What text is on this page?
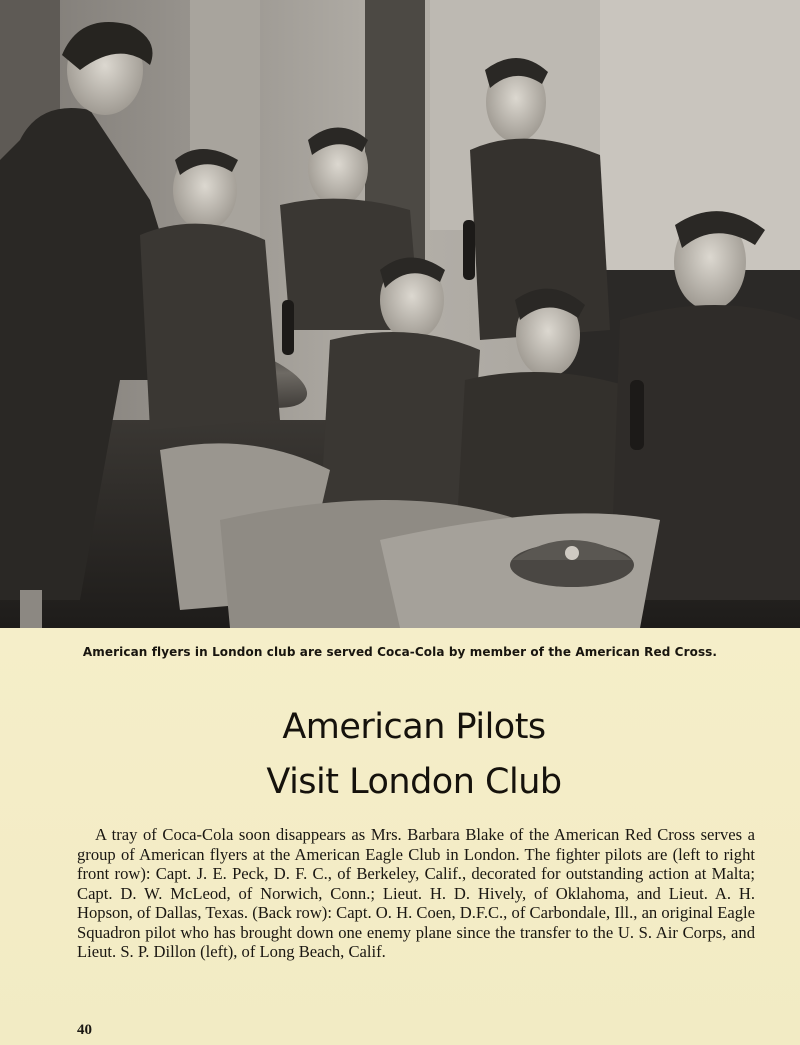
American flyers in London club are served Coca-Cola by member of the American Red Cross.
American Pilots
Visit London Club

A tray of Coca-Cola soon disappears as Mrs. Barbara Blake of the American Red Cross serves a group of American flyers at the American Eagle Club in London. The fighter pilots are (left to right front row): Capt. J. E. Peck, D. F. C., of Berkeley, Calif., decorated for outstanding action at Malta; Capt. D. W. McLeod, of Norwich, Conn.; Lieut. H. D. Hively, of Oklahoma, and Lieut. A. H. Hopson, of Dallas, Texas. (Back row): Capt. O. H. Coen, D.F.C., of Carbondale, Ill., an original Eagle Squadron pilot who has brought down one enemy plane since the transfer to the U. S. Air Corps, and Lieut. S. P. Dillon (left), of Long Beach, Calif.

40
